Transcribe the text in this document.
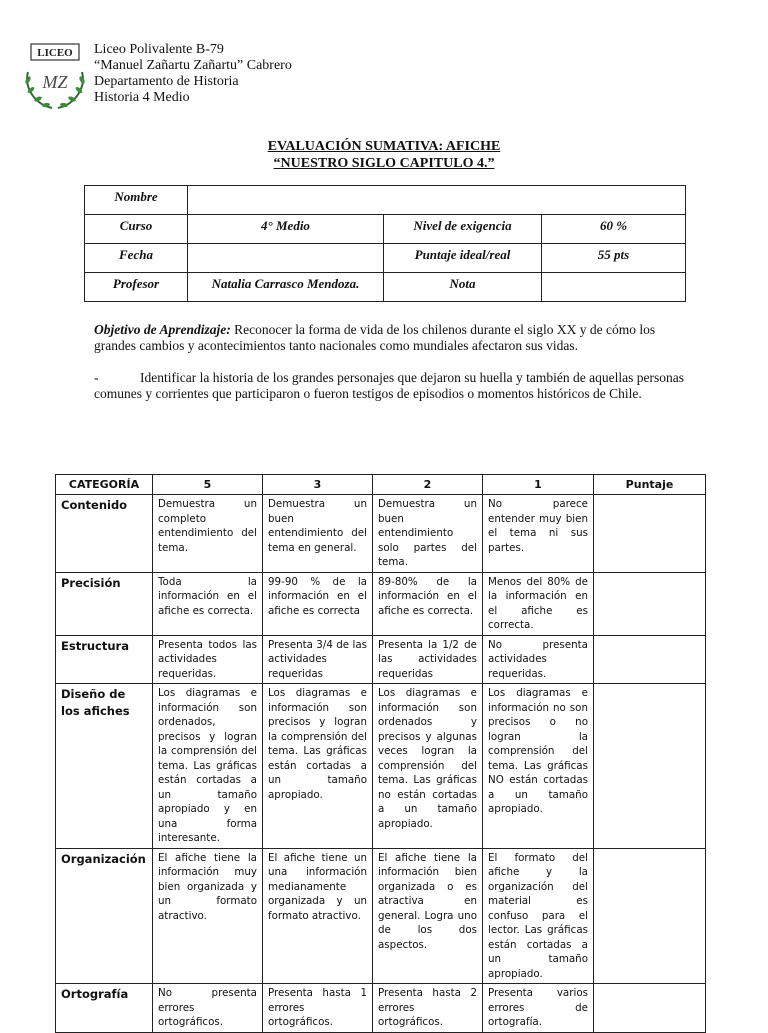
LICEO
MZ
Liceo Polivalente B-79
“Manuel Zañartu Zañartu” Cabrero
Departamento de Historia
Historia 4 Medio
EVALUACIÓN SUMATIVA: AFICHE
“NUESTRO SIGLO CAPITULO 4.”
Nombre			
Curso	4° Medio	Nivel de exigencia	60 %
Fecha		Puntaje ideal/real	55 pts
Profesor	Natalia Carrasco Mendoza.	Nota	
Objetivo de Aprendizaje: Reconocer la forma de vida de los chilenos durante el siglo XX y de cómo los grandes cambios y acontecimientos tanto nacionales como mundiales afectaron sus vidas.
-	Identificar la historia de los grandes personajes que dejaron su huella y también de aquellas personas comunes y corrientes que participaron o fueron testigos de episodios o momentos históricos de Chile.
CATEGORÍA	5	3	2	1	Puntaje
Contenido	Demuestra un completo entendimiento del tema.	Demuestra un buen entendimiento del tema en general.	Demuestra un buen entendimiento solo partes del tema.	No parece entender muy bien el tema ni sus partes.	
Precisión	Toda la información en el afiche es correcta.	99-90 % de la información en el afiche es correcta	89-80% de la información en el afiche es correcta.	Menos del 80% de la información en el afiche es correcta.	
Estructura	Presenta todos las actividades requeridas.	Presenta 3/4 de las actividades requeridas	Presenta la 1/2 de las actividades requeridas	No presenta actividades requeridas.	
Diseño de los afiches	Los diagramas e información son ordenados, precisos y logran la comprensión del tema. Las gráficas están cortadas a un tamaño apropiado y en una forma interesante.	Los diagramas e información son precisos y logran la comprensión del tema. Las gráficas están cortadas a un tamaño apropiado.	Los diagramas e información son ordenados y precisos y algunas veces logran la comprensión del tema. Las gráficas no están cortadas a un tamaño apropiado.	Los diagramas e información no son precisos o no logran la comprensión del tema. Las gráficas NO están cortadas a un tamaño apropiado.	
Organización	El afiche tiene la información muy bien organizada y un formato atractivo.	El afiche tiene un una información medianamente organizada y un formato atractivo.	El afiche tiene la información bien organizada o es atractiva en general. Logra uno de los dos aspectos.	El formato del afiche y la organización del material es confuso para el lector. Las gráficas están cortadas a un tamaño apropiado.	
Ortografía	No presenta errores ortográficos.	Presenta hasta 1 errores ortográficos.	Presenta hasta 2 errores ortográficos.	Presenta varios errores de ortografía.	
